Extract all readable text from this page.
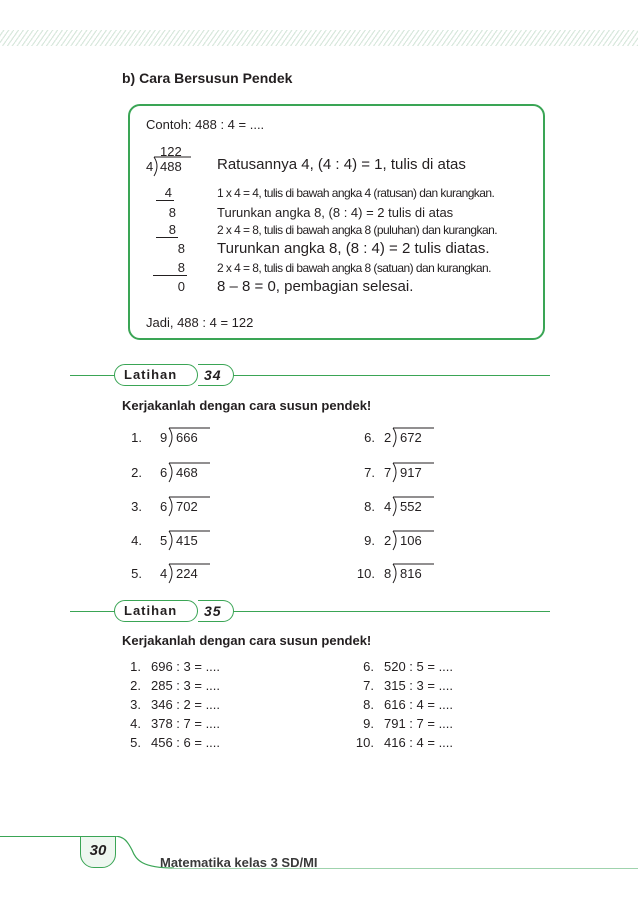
b) Cara Bersusun Pendek
Contoh: 488 : 4 = ....
122
4 488 Ratusannya 4, (4 : 4) = 1, tulis di atas
4	1 x 4 = 4, tulis di bawah angka 4 (ratusan) dan kurangkan.
8	Turunkan angka 8, (8 : 4) = 2 tulis di atas
8	2 x 4 = 8, tulis di bawah angka 8 (puluhan) dan kurangkan.
8 Turunkan angka 8, (8 : 4) = 2 tulis diatas.
8	2 x 4 = 8, tulis di bawah angka 8 (satuan) dan kurangkan.
0 8 – 8 = 0, pembagian selesai.
Jadi, 488 : 4 = 122
Latihan 34
Kerjakanlah dengan cara susun pendek!
1. 9 666
2. 6 468
3. 6 702
4. 5 415
5. 4 224
6. 2 672
7. 7 917
8. 4 552
9. 2 106
10. 8 816
Latihan 35
Kerjakanlah dengan cara susun pendek!
1. 696 : 3 = ....
2. 285 : 3 = ....
3. 346 : 2 = ....
4. 378 : 7 = ....
5. 456 : 6 = ....
6. 520 : 5 = ....
7. 315 : 3 = ....
8. 616 : 4 = ....
9. 791 : 7 = ....
10. 416 : 4 = ....
30
Matematika kelas 3 SD/MI
